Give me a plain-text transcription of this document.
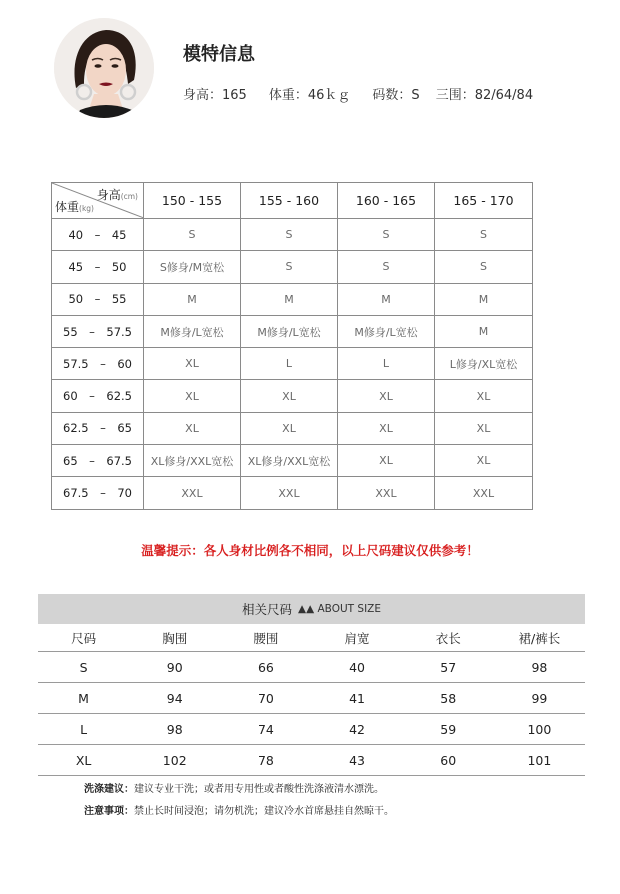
模特信息
身高：165 体重：46ｋｇ 码数：S 三围：82/64/84
身高(cm)
体重(kg)	150 - 155	155 - 160	160 - 165	165 - 170
40　–　45	S	S	S	S
45　–　50	S修身/M宽松	S	S	S
50　–　55	M	M	M	M
55　–　57.5	M修身/L宽松	M修身/L宽松	M修身/L宽松	M
57.5　–　60	XL	L	L	L修身/XL宽松
60　–　62.5	XL	XL	XL	XL
62.5　–　65	XL	XL	XL	XL
65　–　67.5	XL修身/XXL宽松	XL修身/XXL宽松	XL	XL
67.5　–　70	XXL	XXL	XXL	XXL
温馨提示：各人身材比例各不相同，以上尺码建议仅供参考！
相关尺码 ▲▲ ABOUT SIZE
尺码	胸围	腰围	肩宽	衣长	裙/裤长
S	90	66	40	57	98
M	94	70	41	58	99
L	98	74	42	59	100
XL	102	78	43	60	101
洗涤建议：建议专业干洗；或者用专用性或者酸性洗涤液清水漂洗。
注意事项：禁止长时间浸泡；请勿机洗；建议冷水首席悬挂自然晾干。
